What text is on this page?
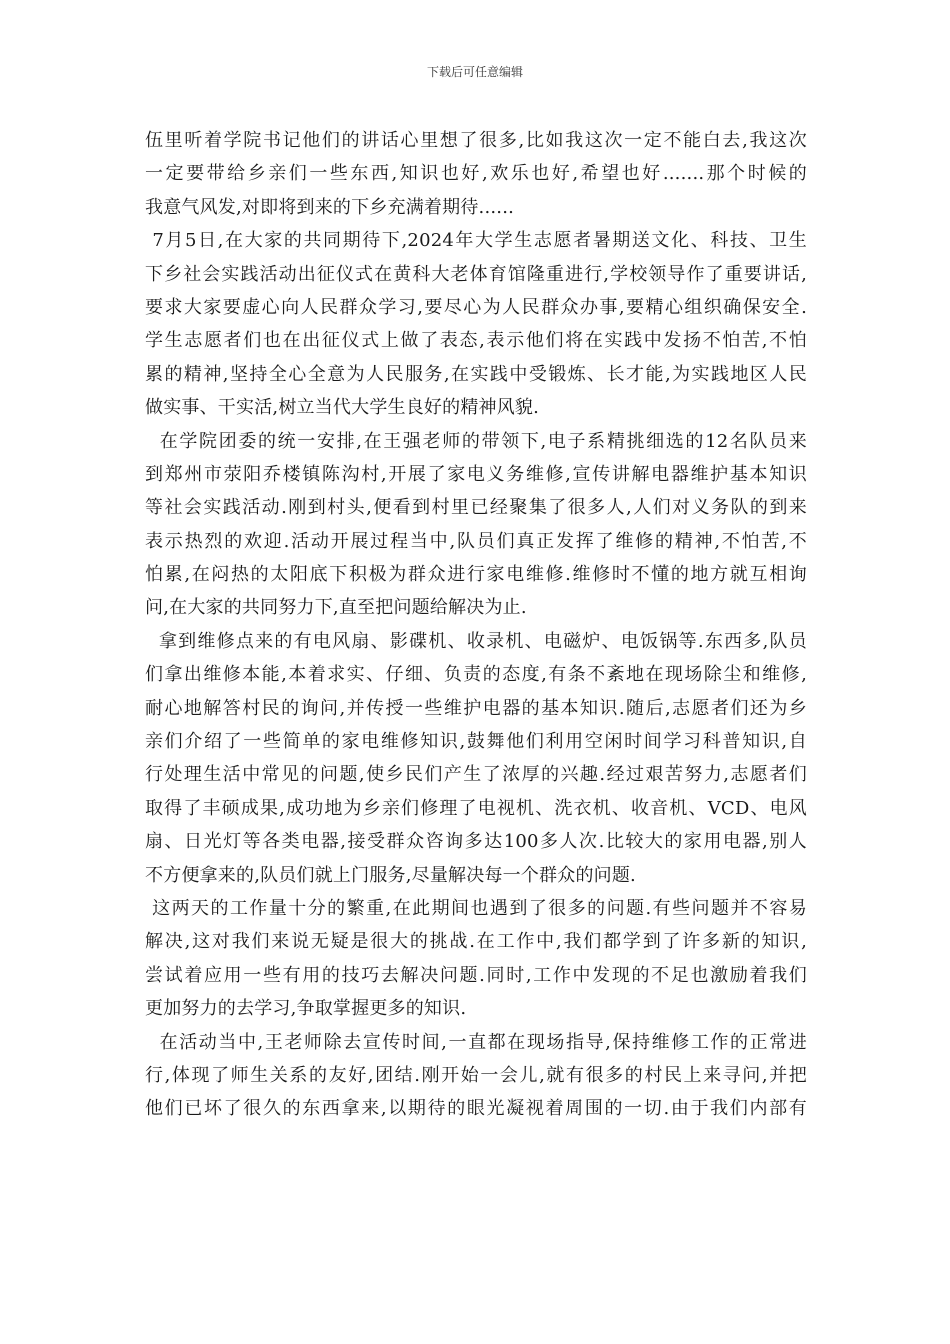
下载后可任意编辑
伍里听着学院书记他们的讲话心里想了很多,比如我这次一定不能白去,我这次
一定要带给乡亲们一些东西,知识也好,欢乐也好,希望也好.......那个时候的
我意气风发,对即将到来的下乡充满着期待......
7月5日,在大家的共同期待下,2024年大学生志愿者暑期送文化、科技、卫生
下乡社会实践活动出征仪式在黄科大老体育馆隆重进行,学校领导作了重要讲话,
要求大家要虚心向人民群众学习,要尽心为人民群众办事,要精心组织确保安全.
学生志愿者们也在出征仪式上做了表态,表示他们将在实践中发扬不怕苦,不怕
累的精神,坚持全心全意为人民服务,在实践中受锻炼、长才能,为实践地区人民
做实事、干实活,树立当代大学生良好的精神风貌.
在学院团委的统一安排,在王强老师的带领下,电子系精挑细选的12名队员来
到郑州市荥阳乔楼镇陈沟村,开展了家电义务维修,宣传讲解电器维护基本知识
等社会实践活动.刚到村头,便看到村里已经聚集了很多人,人们对义务队的到来
表示热烈的欢迎.活动开展过程当中,队员们真正发挥了维修的精神,不怕苦,不
怕累,在闷热的太阳底下积极为群众进行家电维修.维修时不懂的地方就互相询
问,在大家的共同努力下,直至把问题给解决为止.
拿到维修点来的有电风扇、影碟机、收录机、电磁炉、电饭锅等.东西多,队员
们拿出维修本能,本着求实、仔细、负责的态度,有条不紊地在现场除尘和维修,
耐心地解答村民的询问,并传授一些维护电器的基本知识.随后,志愿者们还为乡
亲们介绍了一些简单的家电维修知识,鼓舞他们利用空闲时间学习科普知识,自
行处理生活中常见的问题,使乡民们产生了浓厚的兴趣.经过艰苦努力,志愿者们
取得了丰硕成果,成功地为乡亲们修理了电视机、洗衣机、收音机、VCD、电风
扇、日光灯等各类电器,接受群众咨询多达100多人次.比较大的家用电器,别人
不方便拿来的,队员们就上门服务,尽量解决每一个群众的问题.
这两天的工作量十分的繁重,在此期间也遇到了很多的问题.有些问题并不容易
解决,这对我们来说无疑是很大的挑战.在工作中,我们都学到了许多新的知识,
尝试着应用一些有用的技巧去解决问题.同时,工作中发现的不足也激励着我们
更加努力的去学习,争取掌握更多的知识.
在活动当中,王老师除去宣传时间,一直都在现场指导,保持维修工作的正常进
行,体现了师生关系的友好,团结.刚开始一会儿,就有很多的村民上来寻问,并把
他们已坏了很久的东西拿来,以期待的眼光凝视着周围的一切.由于我们内部有
